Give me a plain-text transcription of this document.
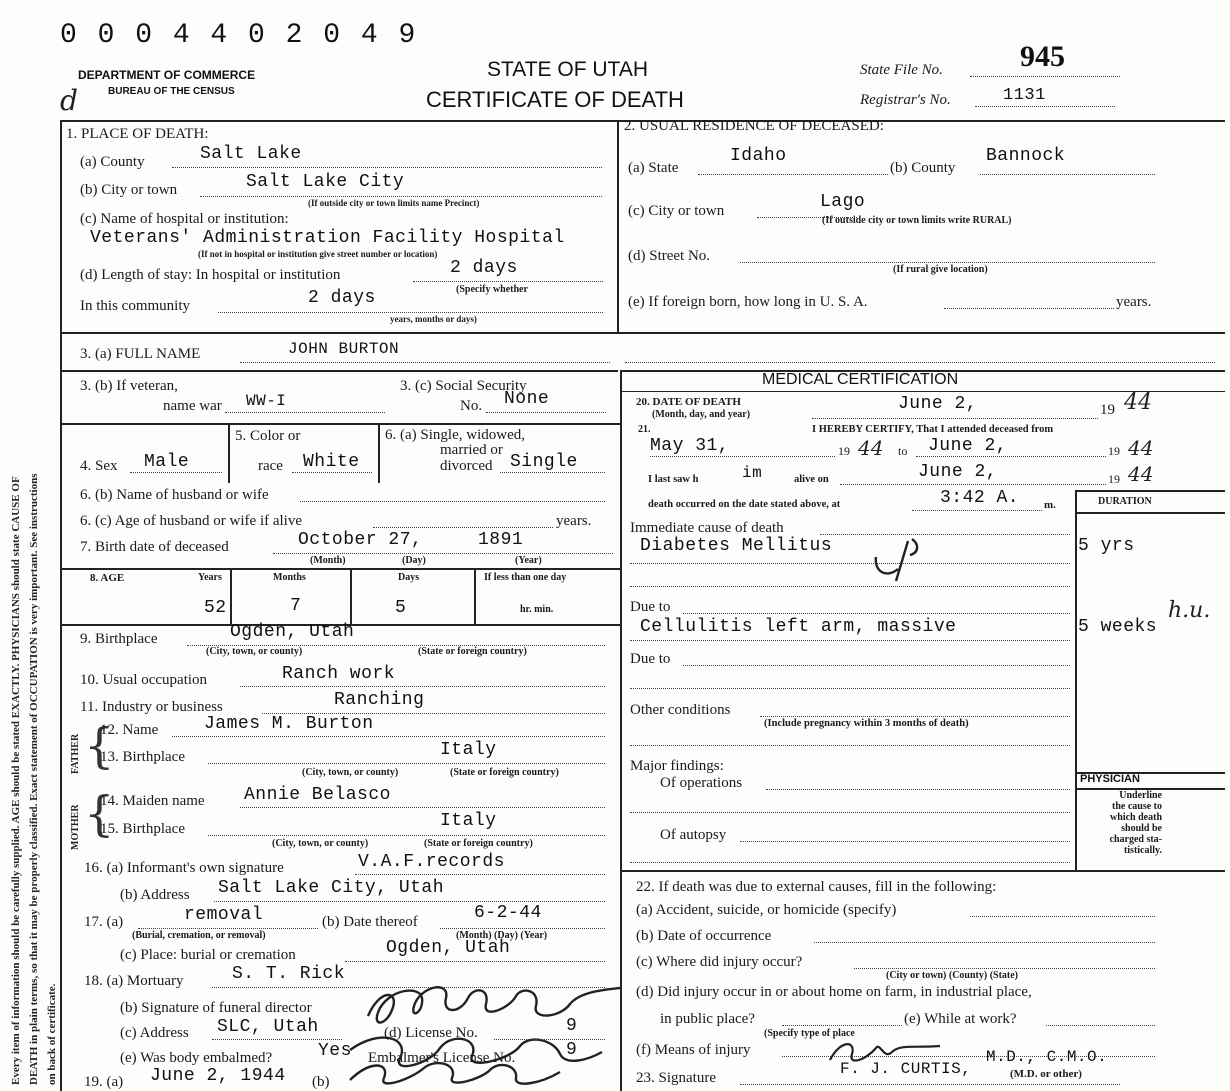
Every item of information should be carefully supplied. AGE should be stated EXACTLY. PHYSICIANS should state CAUSE OF DEATH in plain terms, so that it may be properly classified. Exact statement of OCCUPATION is very important. See instructions on back of certificate.
0 0 0 4 4 0 2 0 4 9
DEPARTMENT OF COMMERCE
BUREAU OF THE CENSUS
STATE OF UTAH
CERTIFICATE OF DEATH
d
State File No.	945
Registrar's No.	1131
1. PLACE OF DEATH:
(a) County	Salt Lake
(b) City or town	Salt Lake City
(If outside city or town limits name Precinct)
(c) Name of hospital or institution:
Veterans' Administration Facility Hospital
(If not in hospital or institution give street number or location)
(d) Length of stay: In hospital or institution	2 days
(Specify whether
In this community	2 days
years, months or days)
2. USUAL RESIDENCE OF DECEASED:
(a) State
Idaho
(b) County
Bannock
(c) City or town	Lago
(If outside city or town limits write RURAL)
(d) Street No.
(If rural give location)
(e) If foreign born, how long in U. S. A.	years.
3. (a) FULL NAME	JOHN BURTON
3. (b) If veteran,
name war WW-I
3. (c) Social Security
No. None
4. Sex Male
5. Color or
race White
6. (a) Single, widowed,
married or
divorced Single
6. (b) Name of husband or wife
6. (c) Age of husband or wife if alive	years.
7. Birth date of deceased	October 27,	1891
(Month)	(Day)	(Year)
8. AGE	Years	Months	Days	If less than one day
52	7	5	hr. min.
9. Birthplace	Ogden, Utah
(City, town, or county)	(State or foreign country)
10. Usual occupation	Ranch work
11. Industry or business	Ranching
FATHER {
12. Name	James M. Burton
13. Birthplace	Italy
(City, town, or county)	(State or foreign country)
MOTHER {
14. Maiden name Annie Belasco
15. Birthplace	Italy
(City, town, or county)	(State or foreign country)
16. (a) Informant's own signature	V.A.F.records
(b) Address Salt Lake City, Utah
17. (a)	removal
(Burial, cremation, or removal)
(b) Date thereof	6-2-44
(Month) (Day) (Year)
(c) Place: burial or cremation	Ogden, Utah
18. (a) Mortuary	S. T. Rick
(b) Signature of funeral director
(c) Address SLC, Utah	(d) License No.	9
(e) Was body embalmed?	Yes Embalmer's License No.	9
19. (a) June 2, 1944 (b)
MEDICAL CERTIFICATION
20. DATE OF DEATH
(Month, day, and year)
June 2,	19 44
21.	I HEREBY CERTIFY, That I attended deceased from
May 31,	19 44 to June 2,	19 44
I last saw h	im	alive on	June 2,	19 44
death occurred on the date stated above, at	3:42 A. m.	DURATION
Immediate cause of death
Diabetes Mellitus	5 yrs
Due to
Cellulitis left arm, massive	5 weeks
h.u.
Due to
Other conditions
(Include pregnancy within 3 months of death)
Major findings:
Of operations
Of autopsy
PHYSICIAN
Underline
the cause to
which death
should be
charged sta-
tistically.
22. If death was due to external causes, fill in the following:
(a) Accident, suicide, or homicide (specify)
(b) Date of occurrence
(c) Where did injury occur?
(City or town) (County) (State)
(d) Did injury occur in or about home on farm, in industrial place,
in public place?
(Specify type of place
(e) While at work?
(f) Means of injury
23. Signature	F. J. CURTIS,
M.D., C.M.O.
(M.D. or other)
